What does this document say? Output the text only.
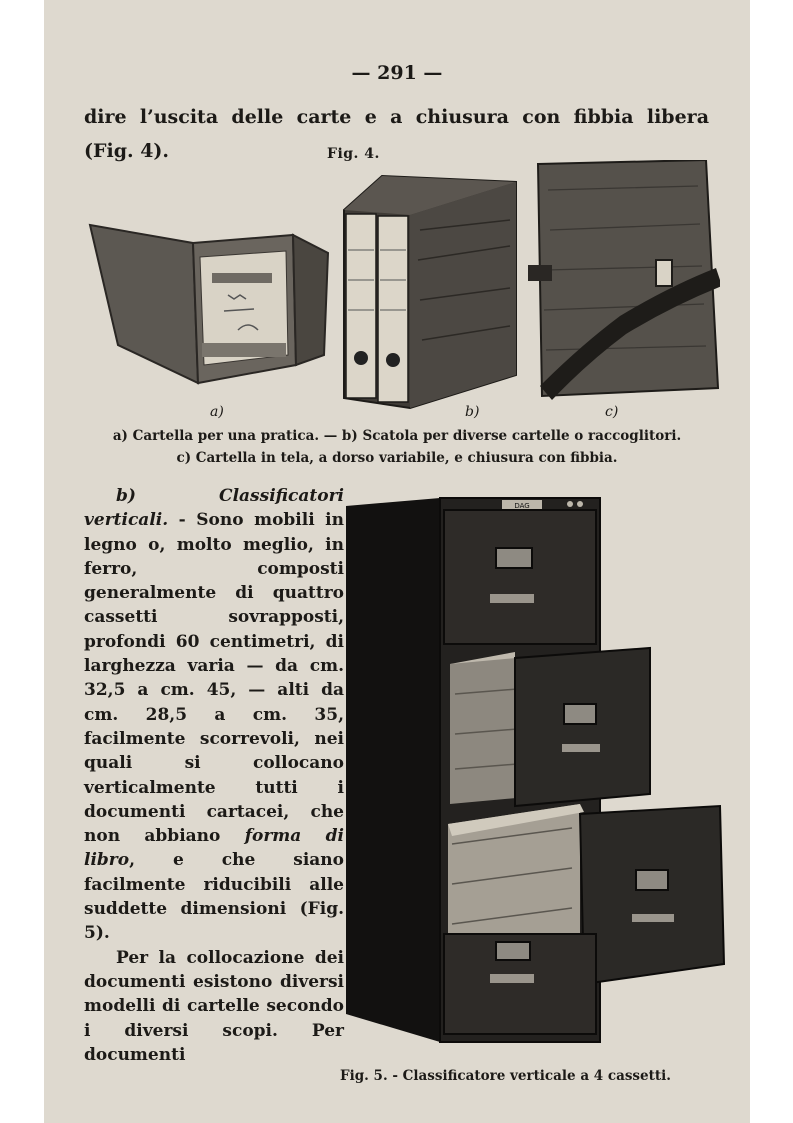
— 291 —
dire l’uscita delle carte e a chiusura con fibbia libera
(Fig. 4).	Fig. 4.
a)	b)	c)
a) Cartella per una pratica. — b) Scatola per diverse cartelle o raccoglitori.
c) Cartella in tela, a dorso variabile, e chiusura con fibbia.

b) Classificatori verticali. - Sono mobili in legno o, molto meglio, in ferro, composti generalmente di quattro cassetti sovrapposti, profondi 60 centimetri, di larghezza varia — da cm. 32,5 a cm. 45, — alti da cm. 28,5 a cm. 35, facilmente scorrevoli, nei quali si collocano verticalmente tutti i documenti cartacei, che non abbiano forma di libro, e che siano facilmente riducibili alle suddette dimensioni (Fig. 5).

Per la collocazione dei documenti esistono diversi modelli di cartelle secondo i diversi scopi. Per documenti

DAG
Fig. 5. - Classificatore verticale a 4 cassetti.
